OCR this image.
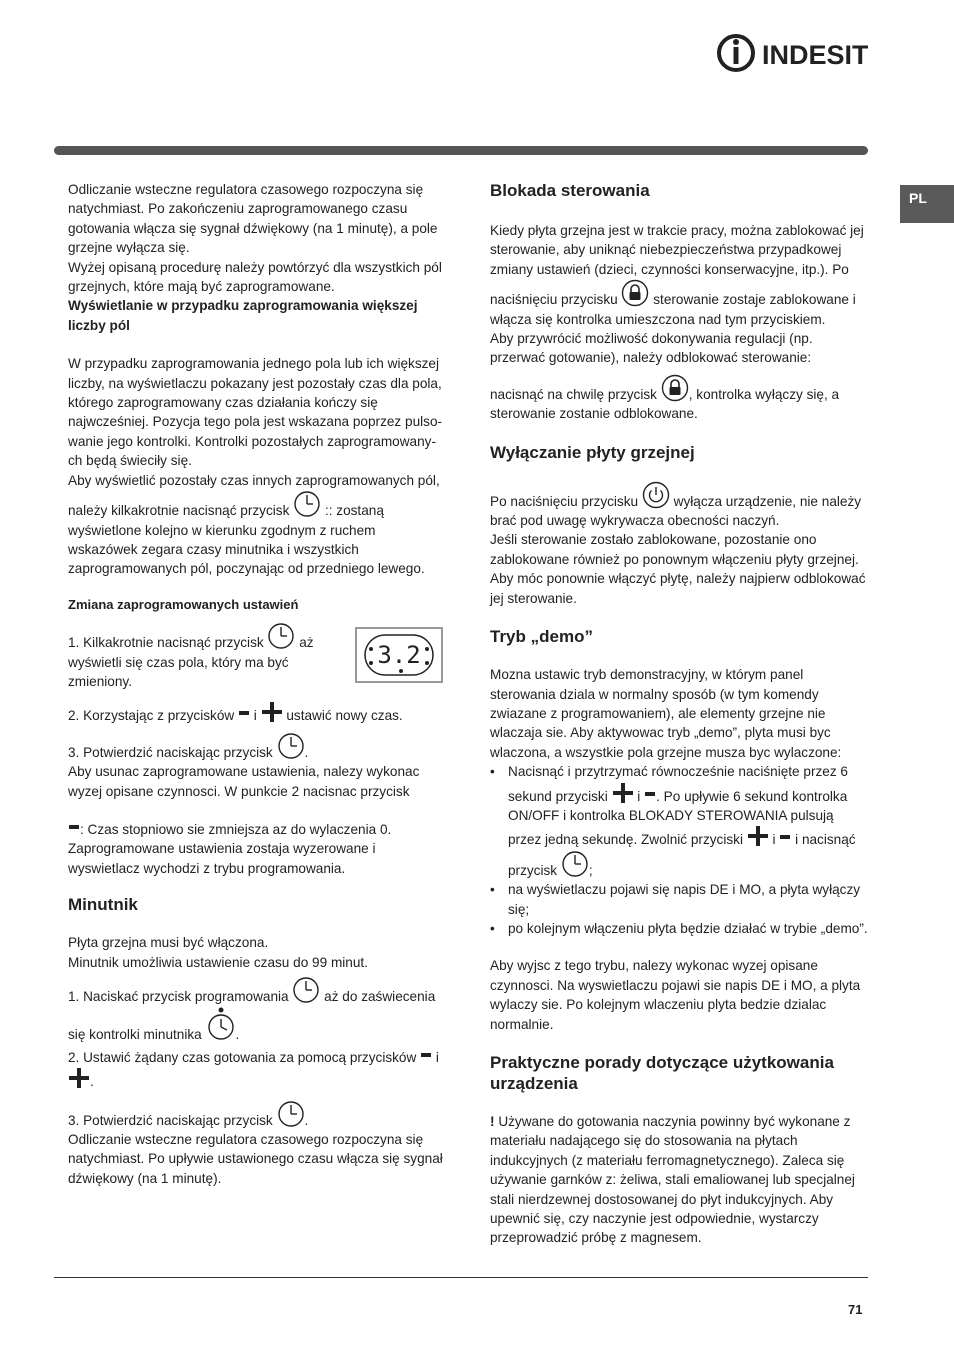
INDESIT
PL

Odliczanie wsteczne regulatora czasowego rozpoczyna się natychmiast. Po zakończeniu zaprogramowanego czasu gotowania włącza się sygnał dźwiękowy (na 1 minutę), a pole grzejne wyłącza się.

Wyżej opisaną procedurę należy powtórzyć dla wszystkich pól grzejnych, które mają być zaprogramowane.

Wyświetlanie w przypadku zaprogramowania większej liczby pól

W przypadku zaprogramowania jednego pola lub ich większej liczby, na wyświetlaczu pokazany jest pozostały czas dla pola, którego zaprogramowany czas działania kończy się najwcześniej. Pozycja tego pola jest wskazana poprzez pulso-wanie jego kontrolki. Kontrolki pozostałych zaprogramowany-ch będą świeciły się.

Aby wyświetlić pozostały czas innych zaprogramowanych pól, należy kilkakrotnie nacisnąć przycisk	:: zostaną wyświetlone kolejno w kierunku zgodnym z ruchem wskazówek zegara czasy minutnika i wszystkich zaprogramowanych pól, poczynając od przedniego lewego.

Zmiana zaprogramowanych ustawień

1. Kilkakrotnie nacisnąć przycisk	aż wyświetli się czas pola, który ma być zmieniony.

2. Korzystając z przycisków i ustawić nowy czas.

3. Potwierdzić naciskając przycisk .

Aby usunac zaprogramowane ustawienia, nalezy wykonac wyzej opisane czynnosci. W punkcie 2 nacisnac przycisk

: Czas stopniowo sie zmniejsza az do wylaczenia 0. Zaprogramowane ustawienia zostaja wyzerowane i wyswietlacz wychodzi z trybu programowania.

Minutnik

Płyta grzejna musi być włączona.

Minutnik umożliwia ustawienie czasu do 99 minut.

1. Naciskać przycisk programowania	aż do zaświecenia się kontrolki minutnika .

2. Ustawić żądany czas gotowania za pomocą przycisków i

.

3. Potwierdzić naciskając przycisk .

Odliczanie wsteczne regulatora czasowego rozpoczyna się natychmiast. Po upływie ustawionego czasu włącza się sygnał dźwiękowy (na 1 minutę).

3.2
Blokada sterowania

Kiedy płyta grzejna jest w trakcie pracy, można zablokować jej sterowanie, aby uniknąć niebezpieczeństwa przypadkowej zmiany ustawień (dzieci, czynności konserwacyjne, itp.). Po naciśnięciu przycisku	sterowanie zostaje zablokowane i włącza się kontrolka umieszczona nad tym przyciskiem.

Aby przywrócić możliwość dokonywania regulacji (np. przerwać gotowanie), należy odblokować sterowanie:

nacisnąć na chwilę przycisk , kontrolka wyłączy się, a sterowanie zostanie odblokowane.

Wyłączanie płyty grzejnej

Po naciśnięciu przycisku	wyłącza urządzenie, nie należy brać pod uwagę wykrywacza obecności naczyń.

Jeśli sterowanie zostało zablokowane, pozostanie ono zablokowane również po ponownym włączeniu płyty grzejnej. Aby móc ponownie włączyć płytę, należy najpierw odblokować jej sterowanie.

Tryb „demo”

Mozna ustawic tryb demonstracyjny, w którym panel sterowania dziala w normalny sposób (w tym komendy zwiazane z programowaniem), ale elementy grzejne nie wlaczaja sie. Aby aktywowac tryb „demo”, plyta musi byc wlaczona, a wszystkie pola grzejne musza byc wylaczone:

• Nacisnąć i przytrzymać równocześnie naciśnięte przez 6 sekund przyciski i . Po upływie 6 sekund kontrolka ON/OFF i kontrolka BLOKADY STEROWANIA pulsują przez jedną sekundę. Zwolnić przyciski i i nacisnąć przycisk ;
• na wyświetlaczu pojawi się napis DE i MO, a płyta wyłączy się;
• po kolejnym włączeniu płyta będzie działać w trybie „demo”.

Aby wyjsc z tego trybu, nalezy wykonac wyzej opisane czynnosci. Na wyswietlaczu pojawi sie napis DE i MO, a plyta wylaczy sie. Po kolejnym wlaczeniu plyta bedzie dzialac normalnie.

Praktyczne porady dotyczące użytkowania urządzenia

! Używane do gotowania naczynia powinny być wykonane z materiału nadającego się do stosowania na płytach indukcyjnych (z materiału ferromagnetycznego). Zaleca się używanie garnków z: żeliwa, stali emaliowanej lub specjalnej stali nierdzewnej dostosowanej do płyt indukcyjnych. Aby upewnić się, czy naczynie jest odpowiednie, wystarczy przeprowadzić próbę z magnesem.

71
